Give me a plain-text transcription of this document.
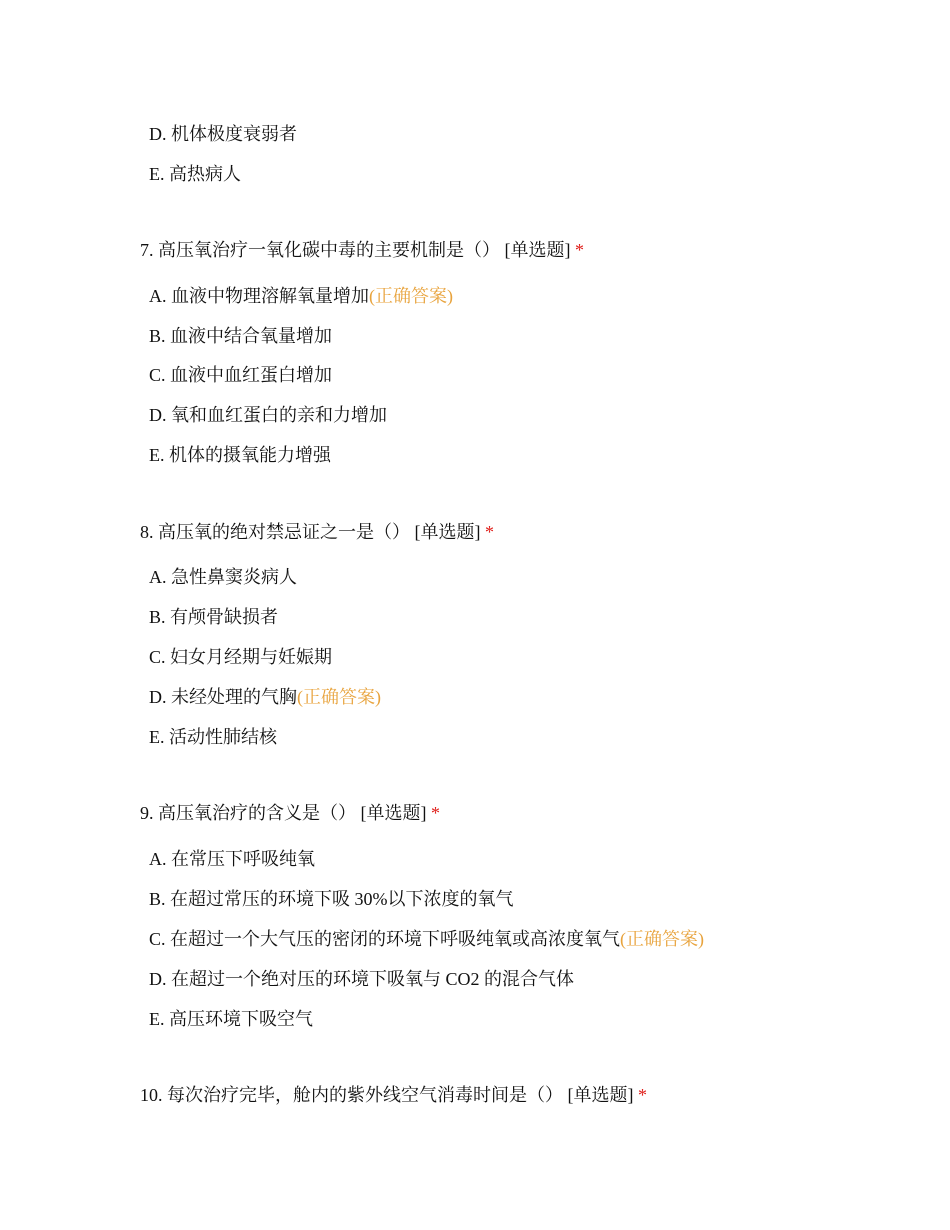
D. 机体极度衰弱者
E. 高热病人
7. 高压氧治疗一氧化碳中毒的主要机制是（） [单选题] *
A. 血液中物理溶解氧量增加(正确答案)
B. 血液中结合氧量增加
C. 血液中血红蛋白增加
D. 氧和血红蛋白的亲和力增加
E. 机体的摄氧能力增强
8. 高压氧的绝对禁忌证之一是（） [单选题] *
A. 急性鼻窦炎病人
B. 有颅骨缺损者
C. 妇女月经期与妊娠期
D. 未经处理的气胸(正确答案)
E. 活动性肺结核
9. 高压氧治疗的含义是（） [单选题] *
A. 在常压下呼吸纯氧
B. 在超过常压的环境下吸 30%以下浓度的氧气
C. 在超过一个大气压的密闭的环境下呼吸纯氧或高浓度氧气(正确答案)
D. 在超过一个绝对压的环境下吸氧与 CO2 的混合气体
E. 高压环境下吸空气
10. 每次治疗完毕，舱内的紫外线空气消毒时间是（） [单选题] *
